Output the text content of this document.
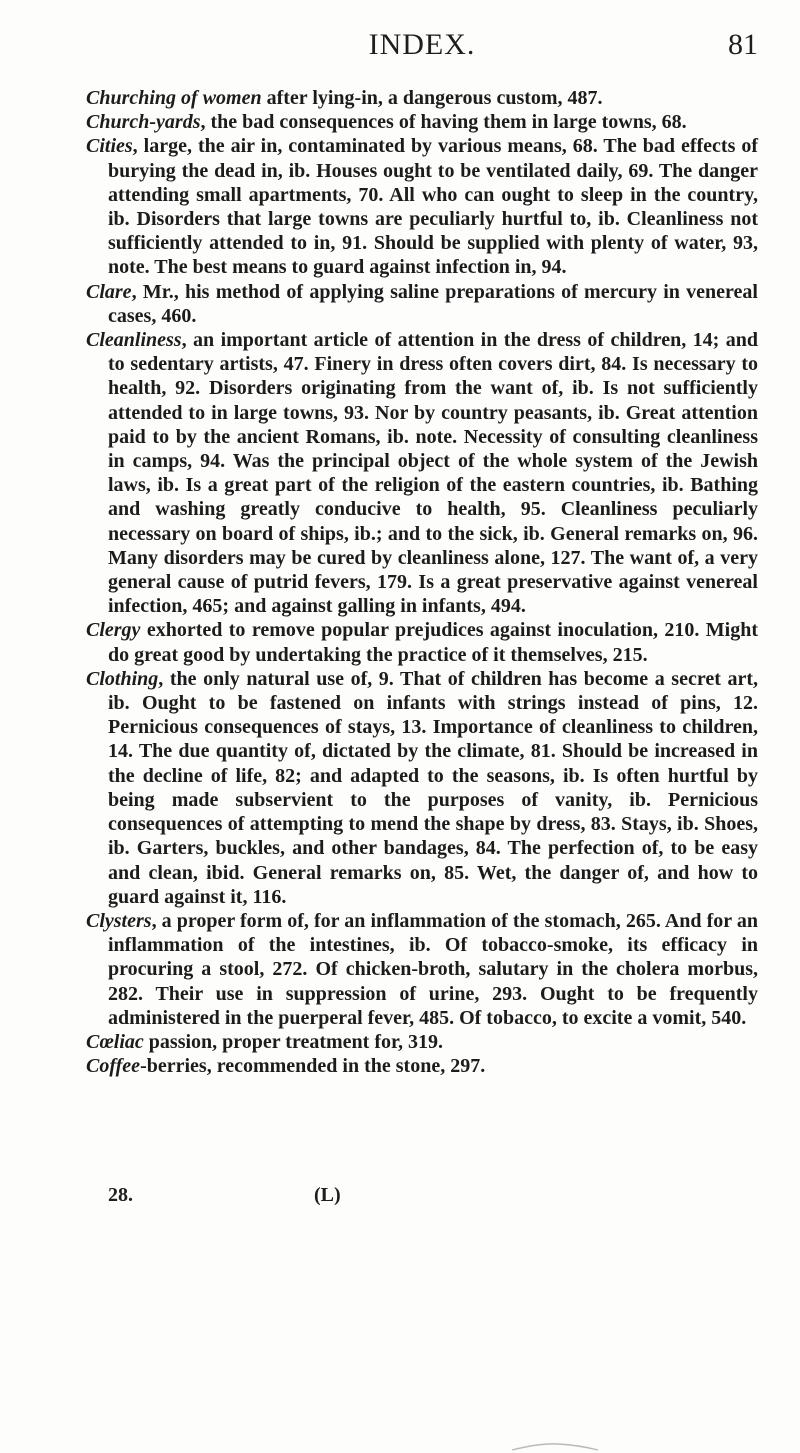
INDEX.	81

Churching of women after lying-in, a dangerous custom, 487.

Church-yards, the bad consequences of having them in large towns, 68.

Cities, large, the air in, contaminated by various means, 68. The bad effects of burying the dead in, ib. Houses ought to be ventilated daily, 69. The danger attending small apartments, 70. All who can ought to sleep in the country, ib. Disorders that large towns are peculiarly hurtful to, ib. Cleanliness not sufficiently attended to in, 91. Should be supplied with plenty of water, 93, note. The best means to guard against infection in, 94.

Clare, Mr., his method of applying saline preparations of mercury in venereal cases, 460.

Cleanliness, an important article of attention in the dress of children, 14; and to sedentary artists, 47. Finery in dress often covers dirt, 84. Is necessary to health, 92. Disorders originating from the want of, ib. Is not sufficiently attended to in large towns, 93. Nor by country peasants, ib. Great attention paid to by the ancient Romans, ib. note. Necessity of consulting cleanliness in camps, 94. Was the principal object of the whole system of the Jewish laws, ib. Is a great part of the religion of the eastern countries, ib. Bathing and washing greatly conducive to health, 95. Cleanliness peculiarly necessary on board of ships, ib.; and to the sick, ib. General remarks on, 96. Many disorders may be cured by cleanliness alone, 127. The want of, a very general cause of putrid fevers, 179. Is a great preservative against venereal infection, 465; and against galling in infants, 494.

Clergy exhorted to remove popular prejudices against inoculation, 210. Might do great good by undertaking the practice of it themselves, 215.

Clothing, the only natural use of, 9. That of children has become a secret art, ib. Ought to be fastened on infants with strings instead of pins, 12. Pernicious consequences of stays, 13. Importance of cleanliness to children, 14. The due quantity of, dictated by the climate, 81. Should be increased in the decline of life, 82; and adapted to the seasons, ib. Is often hurtful by being made subservient to the purposes of vanity, ib. Pernicious consequences of attempting to mend the shape by dress, 83. Stays, ib. Shoes, ib. Garters, buckles, and other bandages, 84. The perfection of, to be easy and clean, ibid. General remarks on, 85. Wet, the danger of, and how to guard against it, 116.

Clysters, a proper form of, for an inflammation of the stomach, 265. And for an inflammation of the intestines, ib. Of tobacco-smoke, its efficacy in procuring a stool, 272. Of chicken-broth, salutary in the cholera morbus, 282. Their use in suppression of urine, 293. Ought to be frequently administered in the puerperal fever, 485. Of tobacco, to excite a vomit, 540.

Cœliac passion, proper treatment for, 319.

Coffee-berries, recommended in the stone, 297.

28.	(L)
